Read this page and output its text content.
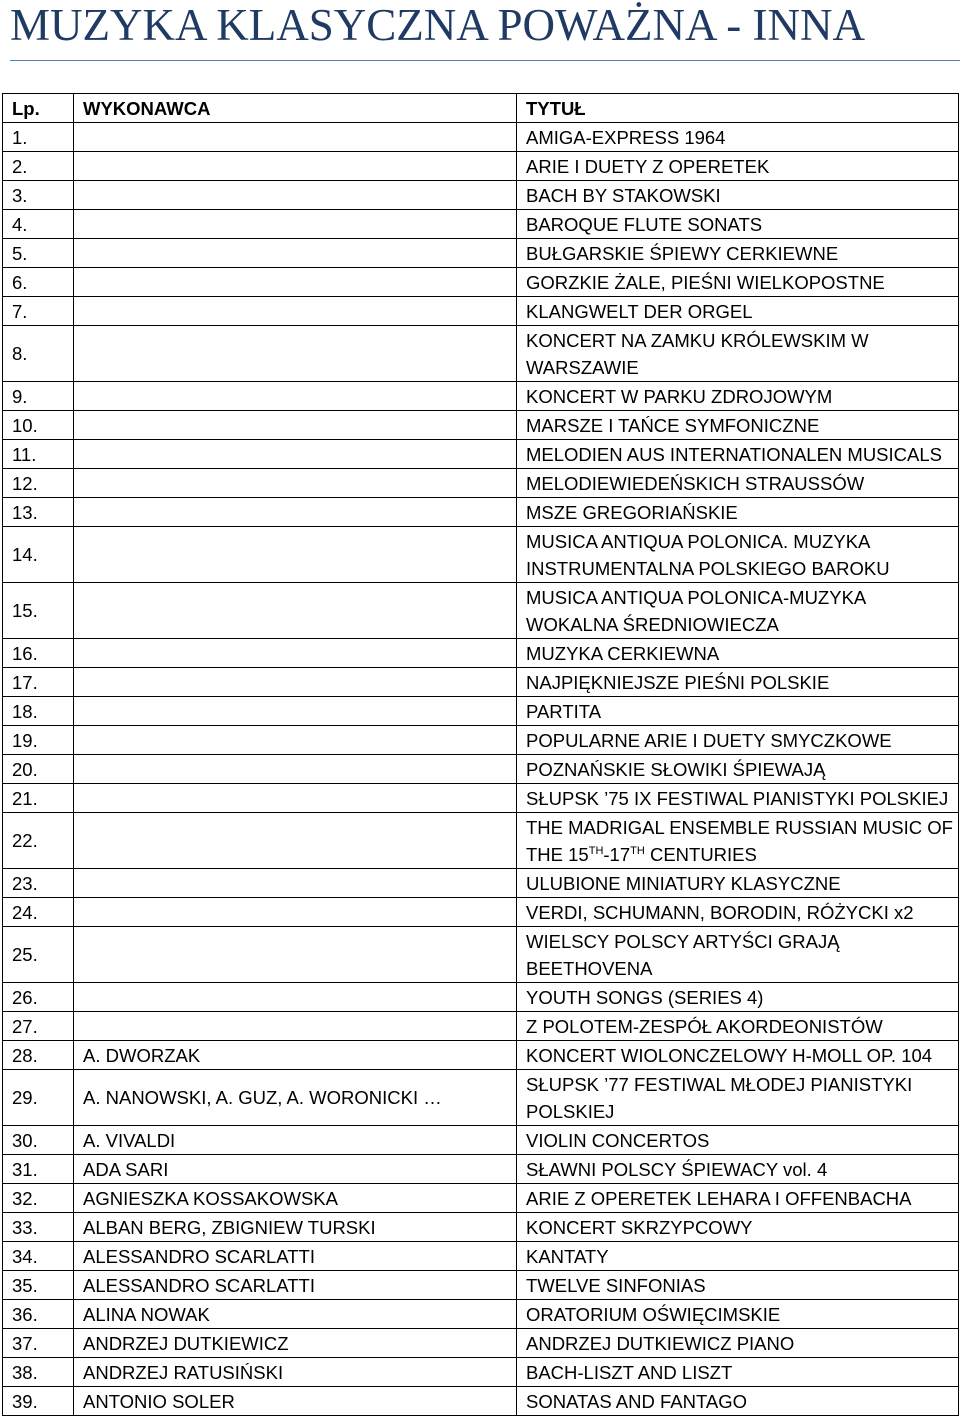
MUZYKA KLASYCZNA POWAŻNA - INNA
Lp.	WYKONAWCA	TYTUŁ
1.		AMIGA-EXPRESS 1964
2.		ARIE I DUETY Z OPERETEK
3.		BACH BY STAKOWSKI
4.		BAROQUE FLUTE SONATS
5.		BUŁGARSKIE ŚPIEWY CERKIEWNE
6.		GORZKIE ŻALE, PIEŚNI WIELKOPOSTNE
7.		KLANGWELT DER ORGEL
8.		KONCERT NA ZAMKU KRÓLEWSKIM W WARSZAWIE
9.		KONCERT W PARKU ZDROJOWYM
10.		MARSZE I TAŃCE SYMFONICZNE
11.		MELODIEN AUS INTERNATIONALEN MUSICALS
12.		MELODIEWIEDEŃSKICH STRAUSSÓW
13.		MSZE GREGORIAŃSKIE
14.		MUSICA ANTIQUA POLONICA. MUZYKA INSTRUMENTALNA POLSKIEGO BAROKU
15.		MUSICA ANTIQUA POLONICA-MUZYKA WOKALNA ŚREDNIOWIECZA
16.		MUZYKA CERKIEWNA
17.		NAJPIĘKNIEJSZE PIEŚNI POLSKIE
18.		PARTITA
19.		POPULARNE ARIE I DUETY SMYCZKOWE
20.		POZNAŃSKIE SŁOWIKI ŚPIEWAJĄ
21.		SŁUPSK ’75 IX FESTIWAL PIANISTYKI POLSKIEJ
22.		THE MADRIGAL ENSEMBLE RUSSIAN MUSIC OF THE 15TH-17TH CENTURIES
23.		ULUBIONE MINIATURY KLASYCZNE
24.		VERDI, SCHUMANN, BORODIN, RÓŻYCKI x2
25.		WIELSCY POLSCY ARTYŚCI GRAJĄ BEETHOVENA
26.		YOUTH SONGS (SERIES 4)
27.		Z POLOTEM-ZESPÓŁ AKORDEONISTÓW
28.	A. DWORZAK	KONCERT WIOLONCZELOWY H-MOLL OP. 104
29.	A. NANOWSKI, A. GUZ, A. WORONICKI …	SŁUPSK ’77 FESTIWAL MŁODEJ PIANISTYKI POLSKIEJ
30.	A. VIVALDI	VIOLIN CONCERTOS
31.	ADA SARI	SŁAWNI POLSCY ŚPIEWACY vol. 4
32.	AGNIESZKA KOSSAKOWSKA	ARIE Z OPERETEK LEHARA I OFFENBACHA
33.	ALBAN BERG, ZBIGNIEW TURSKI	KONCERT SKRZYPCOWY
34.	ALESSANDRO SCARLATTI	KANTATY
35.	ALESSANDRO SCARLATTI	TWELVE SINFONIAS
36.	ALINA NOWAK	ORATORIUM OŚWIĘCIMSKIE
37.	ANDRZEJ DUTKIEWICZ	ANDRZEJ DUTKIEWICZ PIANO
38.	ANDRZEJ RATUSIŃSKI	BACH-LISZT AND LISZT
39.	ANTONIO SOLER	SONATAS AND FANTAGO
